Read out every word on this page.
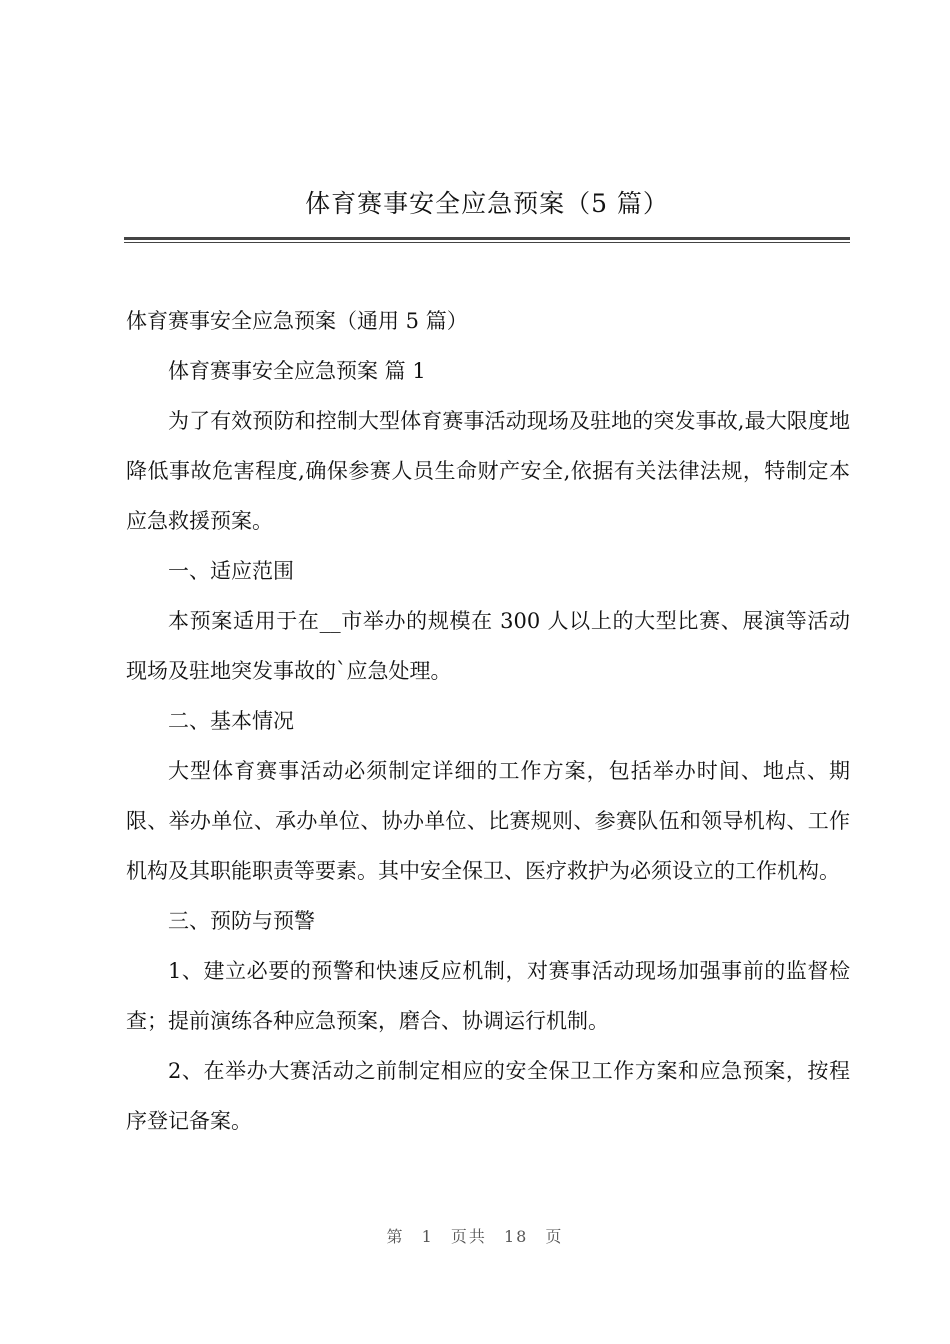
体育赛事安全应急预案（5 篇）

体育赛事安全应急预案（通用 5 篇）

体育赛事安全应急预案 篇 1

为了有效预防和控制大型体育赛事活动现场及驻地的突发事故,最大限度地降低事故危害程度,确保参赛人员生命财产安全,依据有关法律法规，特制定本应急救援预案。

一、适应范围

本预案适用于在__市举办的规模在 300 人以上的大型比赛、展演等活动现场及驻地突发事故的`应急处理。

二、基本情况

大型体育赛事活动必须制定详细的工作方案，包括举办时间、地点、期限、举办单位、承办单位、协办单位、比赛规则、参赛队伍和领导机构、工作机构及其职能职责等要素。其中安全保卫、医疗救护为必须设立的工作机构。

三、预防与预警

1、建立必要的预警和快速反应机制，对赛事活动现场加强事前的监督检查；提前演练各种应急预案，磨合、协调运行机制。

2、在举办大赛活动之前制定相应的安全保卫工作方案和应急预案，按程序登记备案。

第 1 页共 18 页
